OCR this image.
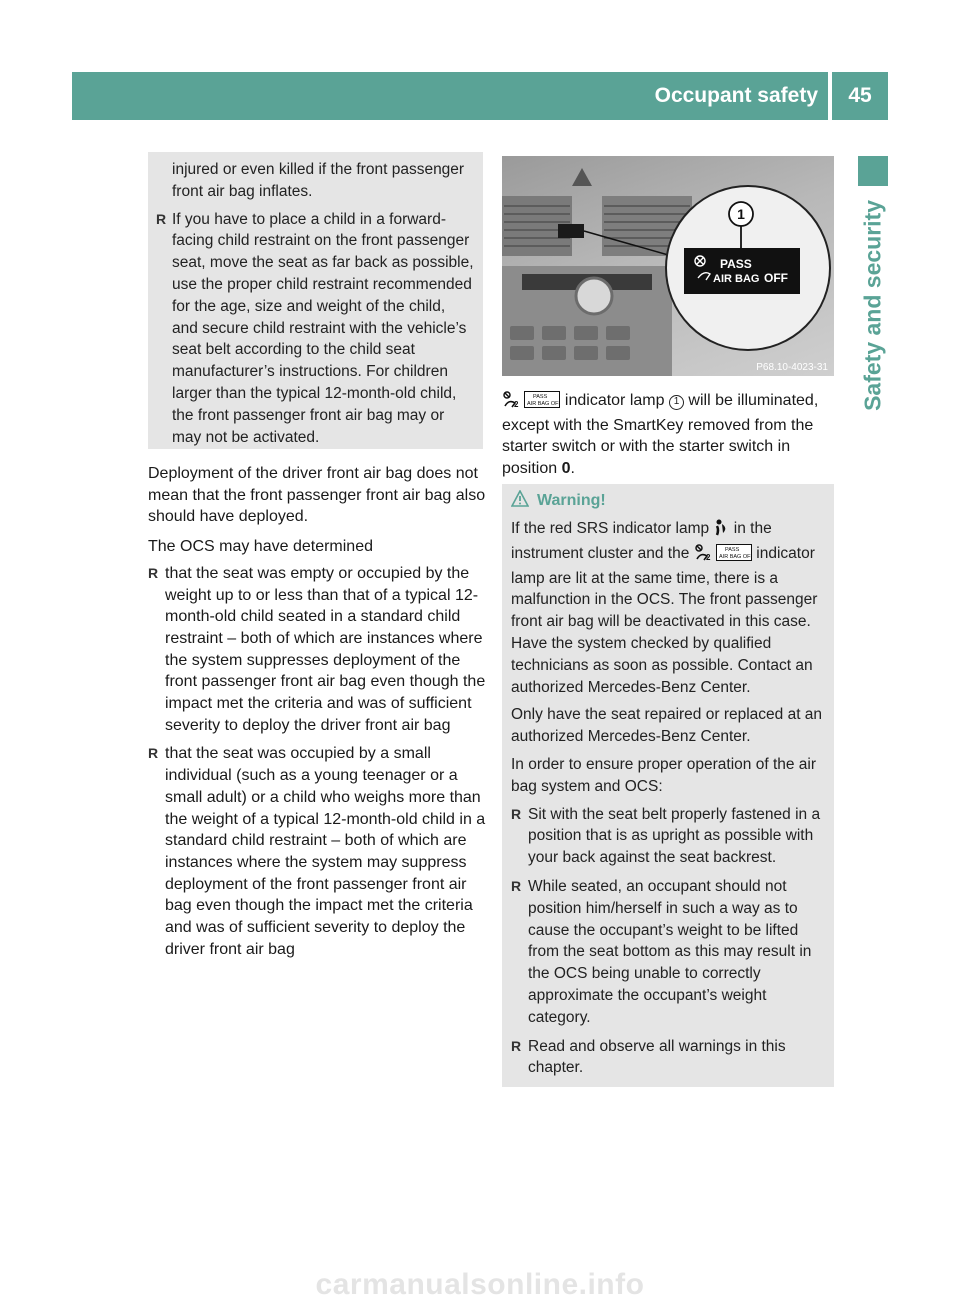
Occupant safety	45
Safety and security
injured or even killed if the front passenger front air bag inflates.
R If you have to place a child in a forward-facing child restraint on the front passenger seat, move the seat as far back as possible, use the proper child restraint recommended for the age, size and weight of the child, and secure child restraint with the vehicle’s seat belt according to the child seat manufacturer’s instructions. For children larger than the typical 12-month-old child, the front passenger front air bag may or may not be activated.

Deployment of the driver front air bag does not mean that the front passenger front air bag also should have deployed.

The OCS may have determined

R that the seat was empty or occupied by the weight up to or less than that of a typical 12-month-old child seated in a standard child restraint – both of which are instances where the system suppresses deployment of the front passenger front air bag even though the impact met the criteria and was of sufficient severity to deploy the driver front air bag
R that the seat was occupied by a small individual (such as a young teenager or a small adult) or a child who weighs more than the weight of a typical 12-month-old child in a standard child restraint – both of which are instances where the system may suppress deployment of the front passenger front air bag even though the impact met the criteria and was of sufficient severity to deploy the driver front air bag
1
PASS
AIR BAG OFF
P68.10-4023-31
2

PASS
AIR BAG OFF indicator lamp 1 will be illuminated, except with the SmartKey removed from the starter switch or with the starter switch in position 0.
Warning!

If the red SRS indicator lamp in the instrument cluster and the 2

PASS
AIR BAG OFF indicator lamp are lit at the same time, there is a malfunction in the OCS. The front passenger front air bag will be deactivated in this case. Have the system checked by qualified technicians as soon as possible. Contact an authorized Mercedes-Benz Center.

Only have the seat repaired or replaced at an authorized Mercedes-Benz Center.

In order to ensure proper operation of the air bag system and OCS:

R Sit with the seat belt properly fastened in a position that is as upright as possible with your back against the seat backrest.
R While seated, an occupant should not position him/herself in such a way as to cause the occupant’s weight to be lifted from the seat bottom as this may result in the OCS being unable to correctly approximate the occupant’s weight category.
R Read and observe all warnings in this chapter.
carmanualsonline.info
